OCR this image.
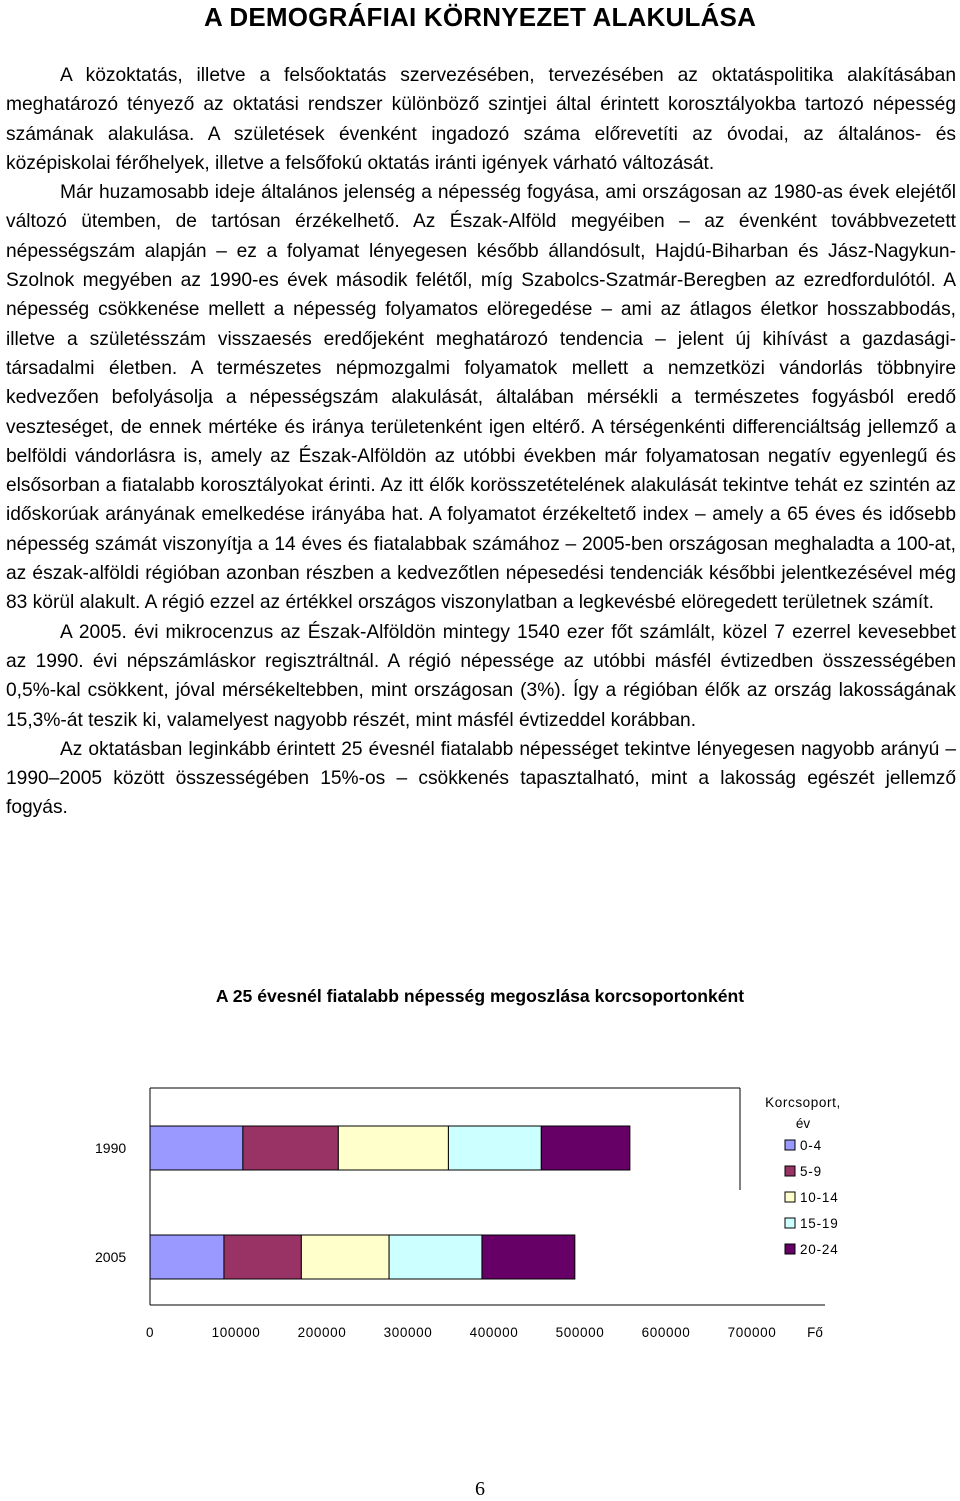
A DEMOGRÁFIAI KÖRNYEZET ALAKULÁSA

A közoktatás, illetve a felsőoktatás szervezésében, tervezésében az oktatáspolitika alakításában meghatározó tényező az oktatási rendszer különböző szintjei által érintett korosztályokba tartozó népesség számának alakulása. A születések évenként ingadozó száma előrevetíti az óvodai, az általános- és középiskolai férőhelyek, illetve a felsőfokú oktatás iránti igények várható változását.

Már huzamosabb ideje általános jelenség a népesség fogyása, ami országosan az 1980-as évek elejétől változó ütemben, de tartósan érzékelhető. Az Észak-Alföld megyéiben – az évenként továbbvezetett népességszám alapján – ez a folyamat lényegesen később állandósult, Hajdú-Biharban és Jász-Nagykun-Szolnok megyében az 1990-es évek második felétől, míg Szabolcs-Szatmár-Beregben az ezredfordulótól. A népesség csökkenése mellett a népesség folyamatos elöregedése – ami az átlagos életkor hosszabbodás, illetve a születésszám visszaesés eredőjeként meghatározó tendencia – jelent új kihívást a gazdasági-társadalmi életben. A természetes népmozgalmi folyamatok mellett a nemzetközi vándorlás többnyire kedvezően befolyásolja a népességszám alakulását, általában mérsékli a természetes fogyásból eredő veszteséget, de ennek mértéke és iránya területenként igen eltérő. A térségenkénti differenciáltság jellemző a belföldi vándorlásra is, amely az Észak-Alföldön az utóbbi években már folyamatosan negatív egyenlegű és elsősorban a fiatalabb korosztályokat érinti. Az itt élők korösszetételének alakulását tekintve tehát ez szintén az időskorúak arányának emelkedése irányába hat. A folyamatot érzékeltető index – amely a 65 éves és idősebb népesség számát viszonyítja a 14 éves és fiatalabbak számához – 2005-ben országosan meghaladta a 100-at, az észak-alföldi régióban azonban részben a kedvezőtlen népesedési tendenciák későbbi jelentkezésével még 83 körül alakult. A régió ezzel az értékkel országos viszonylatban a legkevésbé elöregedett területnek számít.

A 2005. évi mikrocenzus az Észak-Alföldön mintegy 1540 ezer főt számlált, közel 7 ezerrel kevesebbet az 1990. évi népszámláskor regisztráltnál. A régió népessége az utóbbi másfél évtizedben összességében 0,5%-kal csökkent, jóval mérsékeltebben, mint országosan (3%). Így a régióban élők az ország lakosságának 15,3%-át teszik ki, valamelyest nagyobb részét, mint másfél évtizeddel korábban.

Az oktatásban leginkább érintett 25 évesnél fiatalabb népességet tekintve lényegesen nagyobb arányú – 1990–2005 között összességében 15%-os – csökkenés tapasztalható, mint a lakosság egészét jellemző fogyás.

A 25 évesnél fiatalabb népesség megoszlása korcsoportonként

1990
2005
0	100000	200000	300000	400000	500000	600000	700000 Fő
Korcsoport,
év
0-4
5-9
10-14
15-19
20-24
6
